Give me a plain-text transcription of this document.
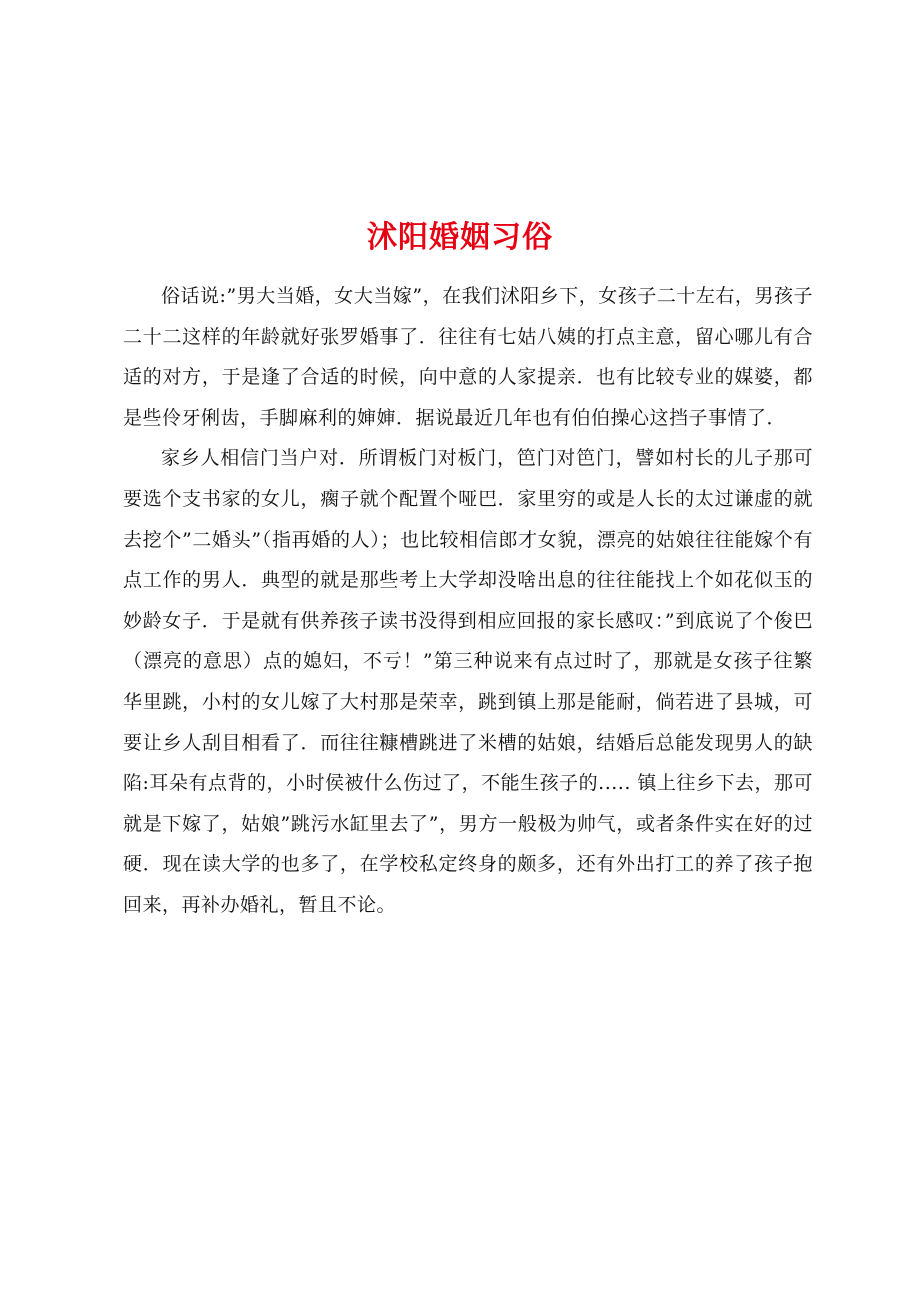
沭阳婚姻习俗

俗话说:”男大当婚，女大当嫁”，在我们沭阳乡下，女孩子二十左右，男孩子二十二这样的年龄就好张罗婚事了．往往有七姑八姨的打点主意，留心哪儿有合适的对方，于是逢了合适的时候，向中意的人家提亲．也有比较专业的媒婆，都是些伶牙俐齿，手脚麻利的婶婶．据说最近几年也有伯伯操心这挡子事情了．

家乡人相信门当户对．所谓板门对板门，笆门对笆门，譬如村长的儿子那可要选个支书家的女儿，瘸子就个配置个哑巴．家里穷的或是人长的太过谦虚的就去挖个”二婚头”（指再婚的人）；也比较相信郎才女貌，漂亮的姑娘往往能嫁个有点工作的男人．典型的就是那些考上大学却没啥出息的往往能找上个如花似玉的妙龄女子．于是就有供养孩子读书没得到相应回报的家长感叹：”到底说了个俊巴（漂亮的意思）点的媳妇，不亏！”第三种说来有点过时了，那就是女孩子往繁华里跳，小村的女儿嫁了大村那是荣幸，跳到镇上那是能耐，倘若进了县城，可要让乡人刮目相看了．而往往糠槽跳进了米槽的姑娘，结婚后总能发现男人的缺陷:耳朵有点背的，小时侯被什么伤过了，不能生孩子的..... 镇上往乡下去，那可就是下嫁了，姑娘”跳污水缸里去了”，男方一般极为帅气，或者条件实在好的过硬．现在读大学的也多了，在学校私定终身的颇多，还有外出打工的养了孩子抱回来，再补办婚礼，暂且不论。
